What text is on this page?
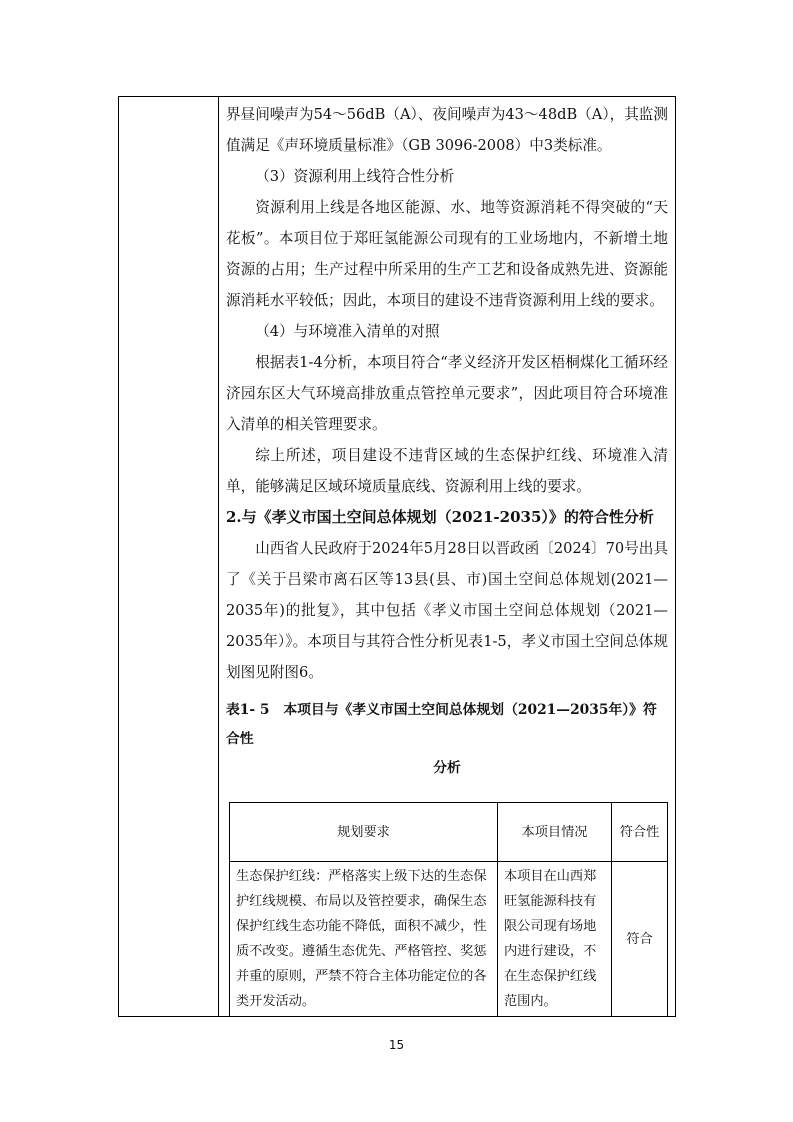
界昼间噪声为54～56dB（A）、夜间噪声为43～48dB（A），其监测值满足《声环境质量标准》（GB 3096-2008）中3类标准。

（3）资源利用上线符合性分析

资源利用上线是各地区能源、水、地等资源消耗不得突破的“天花板”。本项目位于郑旺氢能源公司现有的工业场地内，不新增土地资源的占用；生产过程中所采用的生产工艺和设备成熟先进、资源能源消耗水平较低；因此，本项目的建设不违背资源利用上线的要求。

（4）与环境准入清单的对照

根据表1-4分析，本项目符合“孝义经济开发区梧桐煤化工循环经济园东区大气环境高排放重点管控单元要求”，因此项目符合环境准入清单的相关管理要求。

综上所述，项目建设不违背区域的生态保护红线、环境准入清单，能够满足区域环境质量底线、资源利用上线的要求。

2.与《孝义市国土空间总体规划（2021-2035）》的符合性分析

山西省人民政府于2024年5月28日以晋政函〔2024〕70号出具了《关于吕梁市离石区等13县(县、市)国土空间总体规划(2021—2035年)的批复》，其中包括《孝义市国土空间总体规划（2021—2035年）》。本项目与其符合性分析见表1-5，孝义市国土空间总体规划图见附图6。

表1- 5　本项目与《孝义市国土空间总体规划（2021—2035年）》符合性

分析

规划要求	本项目情况	符合性
生态保护红线：严格落实上级下达的生态保护红线规模、布局以及管控要求，确保生态保护红线生态功能不降低，面积不减少，性质不改变。遵循生态优先、严格管控、奖惩并重的原则，严禁不符合主体功能定位的各类开发活动。	本项目在山西郑旺氢能源科技有限公司现有场地内进行建设，不在生态保护红线范围内。	符合
15
